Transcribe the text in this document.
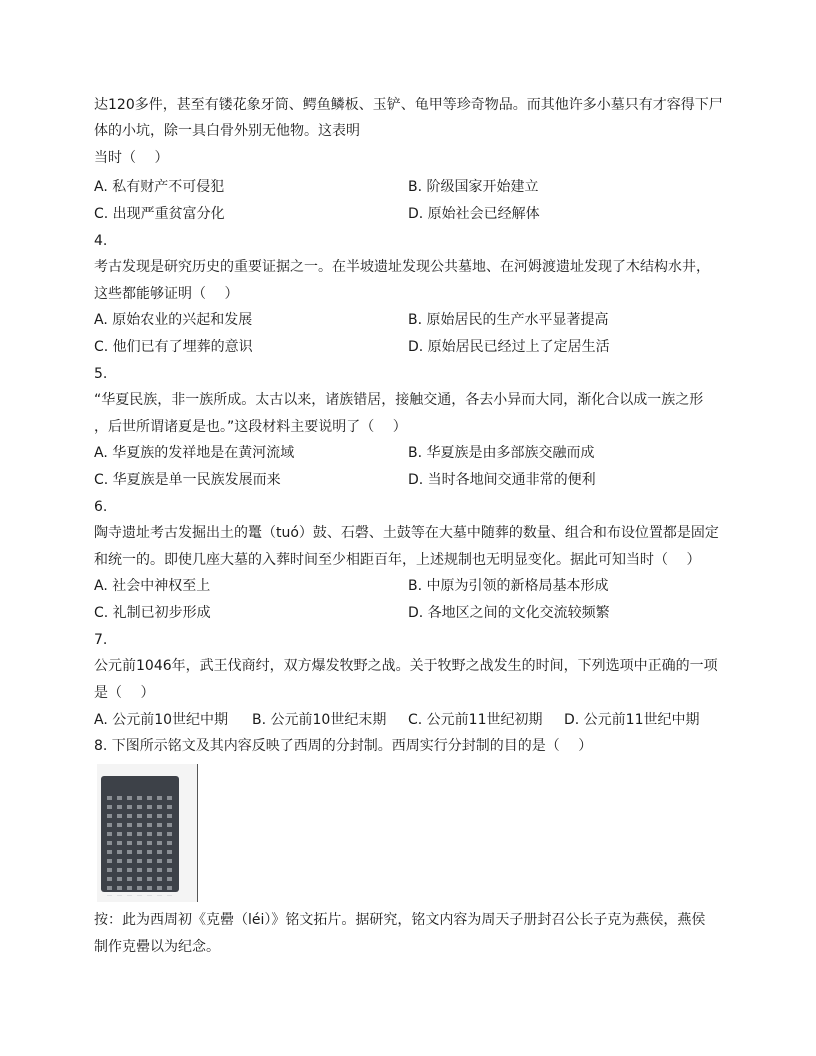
达120多件，甚至有镂花象牙筒、鳄鱼鳞板、玉铲、龟甲等珍奇物品。而其他许多小墓只有才容得下尸
体的小坑，除一具白骨外别无他物。这表明
当时（　 ）
A. 私有财产不可侵犯	B. 阶级国家开始建立
C. 出现严重贫富分化	D. 原始社会已经解体
4.
考古发现是研究历史的重要证据之一。在半坡遗址发现公共墓地、在河姆渡遗址发现了木结构水井，
这些都能够证明（　 ）
A. 原始农业的兴起和发展	B. 原始居民的生产水平显著提高
C. 他们已有了埋葬的意识	D. 原始居民已经过上了定居生活
5.
“华夏民族，非一族所成。太古以来，诸族错居，接触交通，各去小异而大同，渐化合以成一族之形
，后世所谓诸夏是也。”这段材料主要说明了（　 ）
A. 华夏族的发祥地是在黄河流域	B. 华夏族是由多部族交融而成
C. 华夏族是单一民族发展而来	D. 当时各地间交通非常的便利
6.
陶寺遗址考古发掘出土的鼍（tuó）鼓、石磬、土鼓等在大墓中随葬的数量、组合和布设位置都是固定
和统一的。即使几座大墓的入葬时间至少相距百年，上述规制也无明显变化。据此可知当时（　 ）
A. 社会中神权至上	B. 中原为引领的新格局基本形成
C. 礼制已初步形成	D. 各地区之间的文化交流较频繁
7.
公元前1046年，武王伐商纣，双方爆发牧野之战。关于牧野之战发生的时间，下列选项中正确的一项
是（　 ）
A. 公元前10世纪中期 B. 公元前10世纪末期 C. 公元前11世纪初期 D. 公元前11世纪中期
8. 下图所示铭文及其内容反映了西周的分封制。西周实行分封制的目的是（　 ）
按：此为西周初《克罍（léi）》铭文拓片。据研究，铭文内容为周天子册封召公长子克为燕侯，燕侯
制作克罍以为纪念。
